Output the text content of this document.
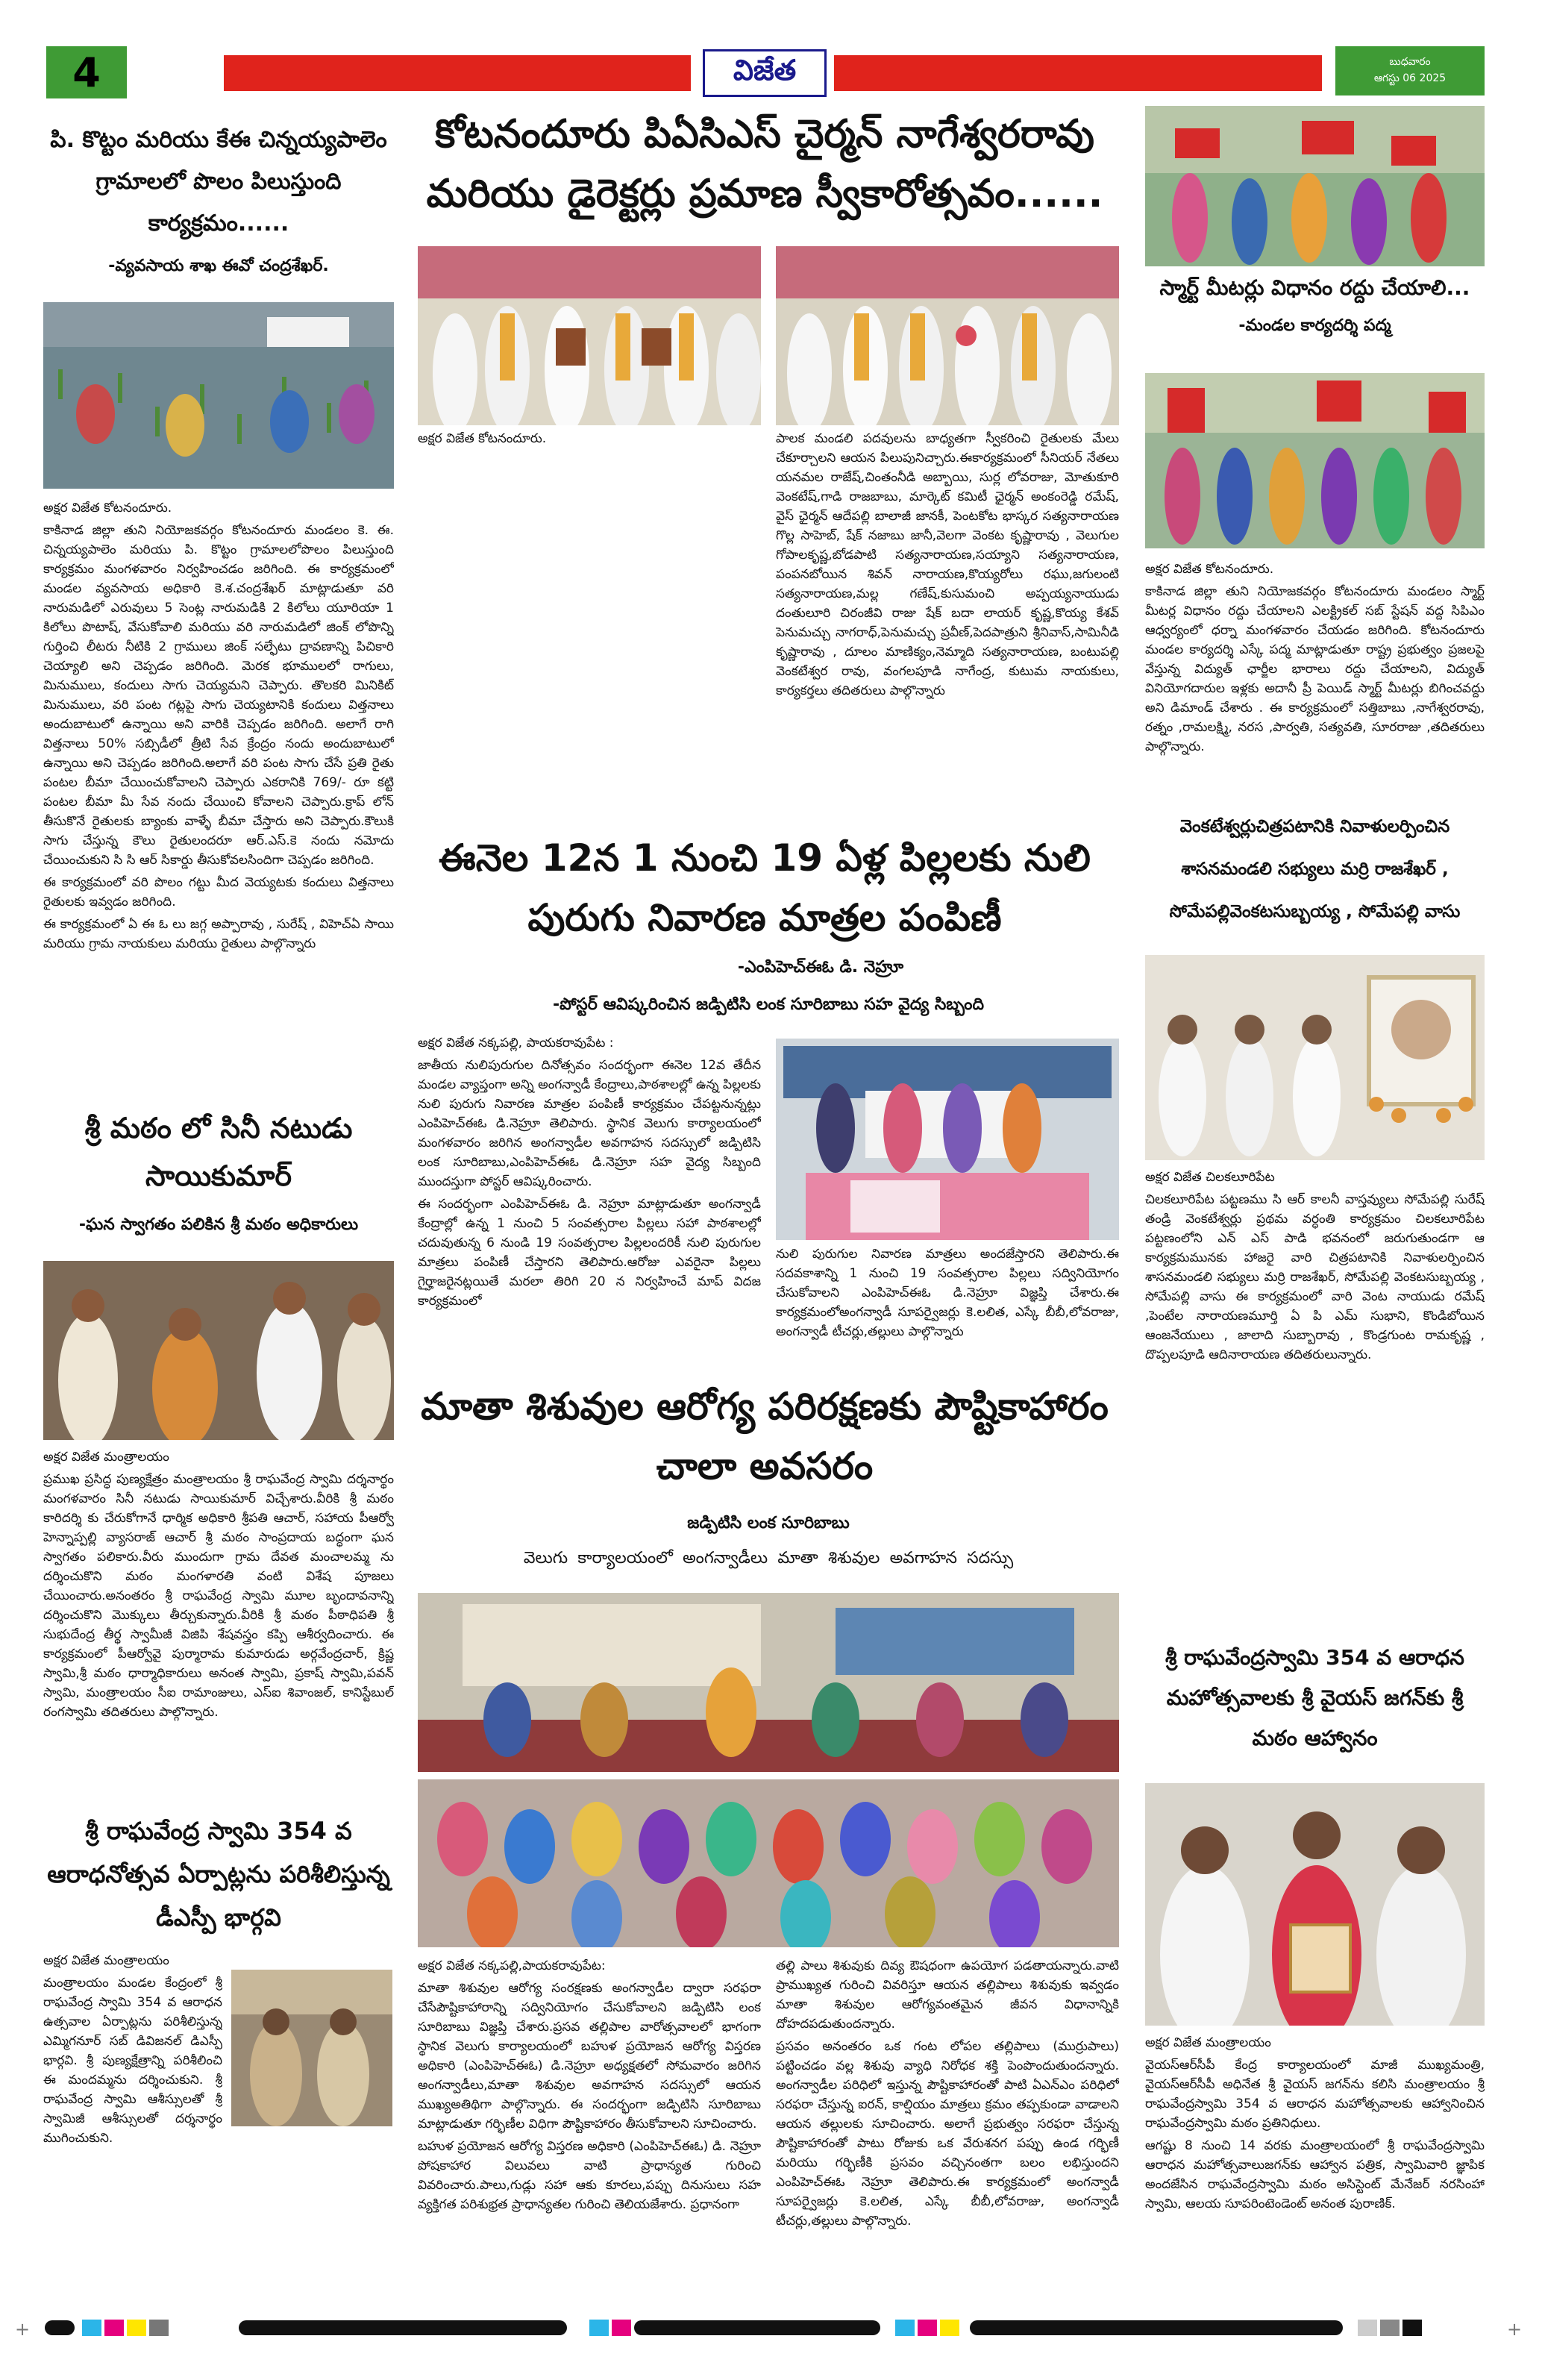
4	విజేత	బుధవారం
ఆగస్టు 06 2025
పి. కొట్టం మరియు కేఈ చిన్నయ్యపాలెం గ్రామాలలో పొలం పిలుస్తుంది కార్యక్రమం......
-వ్యవసాయ శాఖ ఈవో చంద్రశేఖర్.

అక్షర విజేత కోటనందూరు.

కాకినాడ జిల్లా తుని నియోజకవర్గం కోటనందూరు మండలం కె. ఈ. చిన్నయ్యపాలెం మరియు పి. కొట్టం గ్రామాలలోపొలం పిలుస్తుంది కార్యక్రమం మంగళవారం నిర్వహించడం జరిగింది. ఈ కార్యక్రమంలో మండల వ్యవసాయ అధికారి కె.శ.చంద్రశేఖర్ మాట్లాడుతూ వరి నారుమడిలో ఎరువులు 5 సెంట్ల నారుమడికి 2 కిలోలు యూరియా 1 కిలోలు పొటాష్, వేసుకోవాలి మరియు వరి నారుమడిలో జింక్ లోపొన్ని గుర్తించి లీటరు నీటికి 2 గ్రాములు జింక్ సల్ఫేటు ద్రావణాన్ని పిచికారి చెయ్యాలి అని చెప్పడం జరిగింది. మెరక భూములలో రాగులు, మినుములు, కందులు సాగు చెయ్యమని చెప్పారు. తొలకరి మినికిట్ మినుములు, వరి పంట గట్లపై సాగు చెయ్యటానికి కందులు విత్తనాలు అందుబాటులో ఉన్నాయి అని వారికి చెప్పడం జరిగింది. అలాగే రాగి విత్తనాలు 50% సబ్సిడీలో త్రీటి సేవ క్రేంద్రం నందు అందుబాటులో ఉన్నాయి అని చెప్పడం జరిగింది.అలాగే వరి పంట సాగు చేసే ప్రతి రైతు పంటల బీమా చేయించుకోవాలని చెప్పారు ఎకరానికి 769/- రూ కట్టి పంటల బీమా మీ సేవ నందు చేయించి కోవాలని చెప్పారు.క్రాప్ లోన్ తీసుకొనే రైతులకు బ్యాంకు వాళ్ళే బీమా చేస్తారు అని చెప్పారు.కౌలుకి సాగు చేస్తున్న కౌలు రైతులందరూ ఆర్.ఎస్.కె నందు నమోదు చేయించుకుని సి సి ఆర్ సికార్డు తీసుకోవలసిందిగా చెప్పడం జరిగింది.

ఈ కార్యక్రమంలో వరి పొలం గట్టు మీద వెయ్యటకు కందులు విత్తనాలు రైతులకు ఇవ్వడం జరిగింది.

ఈ కార్యక్రమంలో ఏ ఈ ఓ లు జగ్గ అప్పారావు , సురేష్ , విహెచ్ఏ సాయి మరియు గ్రామ నాయకులు మరియు రైతులు పాల్గొన్నారు

శ్రీ మఠం లో సినీ నటుడు సాయికుమార్
-ఘన స్వాగతం పలికిన శ్రీ మఠం అధికారులు

అక్షర విజేత మంత్రాలయం

ప్రముఖ ప్రసిద్ధ పుణ్యక్షేత్రం మంత్రాలయం శ్రీ రాఘవేంద్ర స్వామి దర్శనార్థం మంగళవారం సినీ నటుడు సాయికుమార్ విచ్చేశారు.వీరికి శ్రీ మఠం కారిదర్శి కు చేరుకోగానే ధార్మిక అధికారి శ్రీపతి ఆచార్, సహాయ పీఆర్వో హెన్నాప్పల్లి వ్యాసరాజ్ ఆచార్ శ్రీ మఠం సాంప్రదాయ బద్ధంగా ఘన స్వాగతం పలికారు.వీరు ముందుగా గ్రామ దేవత మంచాలమ్మ ను దర్శించుకొని మఠం మంగళారతి వంటి విశేష పూజలు చేయించారు.అనంతరం శ్రీ రాఘవేంద్ర స్వామి మూల బృందావనాన్ని దర్శించుకొని మొక్కులు తీర్చుకున్నారు.వీరికి శ్రీ మఠం పీఠాధిపతి శ్రీ సుభుదేంద్ర తీర్థ స్వామీజీ విజిపి శేషవస్త్రం కప్పి ఆశీర్వదించారు. ఈ కార్యక్రమంలో పీఆర్వోవై పుర్మారామ కుమారుడు అర్గవేంద్రచార్, క్రిష్ణ స్వామి,శ్రీ మఠం ధార్మాధికారులు అనంత స్వామి, ప్రకాష్ స్వామి,పవన్ స్వామి, మంత్రాలయం సీఐ రామాంజులు, ఎస్ఐ శివాంజల్, కానిస్టేబుల్ రంగస్వామి తదితరులు పాల్గొన్నారు.

శ్రీ రాఘవేంద్ర స్వామి 354 వ ఆరాధనోత్సవ ఏర్పాట్లను పరిశీలిస్తున్న డీఎస్పీ భార్గవి

అక్షర విజేత మంత్రాలయం

మంత్రాలయం మండల కేంద్రంలో శ్రీ రాఘవేంద్ర స్వామి 354 వ ఆరాధన ఉత్సవాల ఏర్పాట్లను పరిశీలిస్తున్న ఎమ్మిగనూర్ సబ్ డివిజనల్ డిఎస్పీ భార్గవి. శ్రీ పుణ్యక్షేత్రాన్ని పరిశీలించి ఈ మందమ్మను దర్శించుకుని. శ్రీ రాఘవేంద్ర స్వామి ఆశీస్సులతో శ్రీ స్వామిజీ ఆశీస్సులతో దర్శనార్థం ముగించుకుని.

కోటనందూరు పిఏసిఎస్ చైర్మన్ నాగేశ్వరరావు మరియు డైరెక్టర్లు ప్రమాణ స్వీకారోత్సవం......

అక్షర విజేత కోటనందూరు.	పాలక మండలి పదవులను బాధ్యతగా స్వీకరించి రైతులకు మేలు చేకూర్చాలని ఆయన పిలుపునిచ్చారు.ఈకార్యక్రమంలో సీనియర్ నేతలు యనమల రాజేష్,చింతంనీడి అబ్బాయి, సుర్ల లోవరాజు, మోతుకూరి వెంకటేష్,గాడి రాజబాబు, మార్కెట్ కమిటీ ఛైర్మన్ అంకంరెడ్డి రమేష్, వైస్ ఛైర్మన్ ఆదేపల్లి బాలాజీ జానకీ, పెంటకోట భాస్కర సత్యనారాయణ గొల్ల సాహెబ్, షేక్ నజాబు జానీ,వెలగా వెంకట కృష్ణారావు , వెలుగుల గోపాలకృష్ణ,బోడపాటి సత్యనారాయణ,సయ్యాని సత్యనారాయణ, పంపనబోయిన శివన్ నారాయణ,కొయ్యరోలు రఘు,జగులంటి సత్యనారాయణ,మల్ల గణేష్,కుసుమంచి అప్పయ్యనాయుడు దంతులూరి చిరంజీవి రాజు షేక్ బదా లాయర్ కృష్ణ,కొయ్య కేశవ్ పెనుమచ్చు నాగరాధ్,పెనుమచ్చు ప్రవీణ్,పెదపాత్రుని శ్రీనివాస్,సామినీడి కృష్ణారావు , దూలం మాణిక్యం,నెమ్మాది సత్యనారాయణ, బంటుపల్లి వెంకటేశ్వర రావు, వంగలపూడి నాగేంద్ర, కుటుమ నాయకులు, కార్యకర్తలు తదితరులు పాల్గొన్నారు

ఈనెల 12న 1 నుంచి 19 ఏళ్ల పిల్లలకు నులి పురుగు నివారణ మాత్రల పంపిణీ
-ఎంపిహెచ్ఈఓ డి. నెహ్రూ
-పోస్టర్ ఆవిష్కరించిన జడ్పిటిసి లంక సూరిబాబు సహ వైద్య సిబ్బంది

అక్షర విజేత నక్కపల్లి, పాయకరావుపేట :

జాతీయ నులిపురుగుల దినోత్సవం సందర్భంగా ఈనెల 12వ తేదీన మండల వ్యాప్తంగా అన్ని అంగన్వాడీ కేంద్రాలు,పాఠశాలల్లో ఉన్న పిల్లలకు నులి పురుగు నివారణ మాత్రల పంపిణీ కార్యక్రమం చేపట్టనున్నట్లు ఎంపిహెచ్ఈఓ డి.నెహ్రూ తెలిపారు. స్థానిక వెలుగు కార్యాలయంలో మంగళవారం జరిగిన అంగన్వాడీల అవగాహన సదస్సులో జడ్పిటిసి లంక సూరిబాబు,ఎంపిహెచ్ఈఓ డి.నెహ్రూ సహ వైద్య సిబ్బంది ముందస్తుగా పోస్టర్ ఆవిష్కరించారు.

ఈ సందర్భంగా ఎంపిహెచ్ఈఓ డి. నెహ్రూ మాట్లాడుతూ అంగన్వాడీ కేంద్రాల్లో ఉన్న 1 నుంచి 5 సంవత్సరాల పిల్లలు సహా పాఠశాలల్లో చదువుతున్న 6 నుండి 19 సంవత్సరాల పిల్లలందరికీ నులి పురుగుల మాత్రలు పంపిణీ చేస్తారని తెలిపారు.ఆరోజు ఎవరైనా పిల్లలు గైర్హాజరైనట్లయితే మరలా తిరిగి 20 న నిర్వహించే మాప్ విదజ కార్యక్రమంలో

నులి పురుగుల నివారణ మాత్రలు అందజేస్తారని తెలిపారు.ఈ సదవకాశాన్ని 1 నుంచి 19 సంవత్సరాల పిల్లలు సద్వినియోగం చేసుకోవాలని ఎంపిహెచ్ఈఓ డి.నెహ్రూ విజ్ఞప్తి చేశారు.ఈ కార్యక్రమంలోఅంగన్వాడీ సూపర్వైజర్లు కె.లలిత, ఎస్కే బీబీ,లోవరాజు, అంగన్వాడీ టీచర్లు,తల్లులు పాల్గొన్నారు

మాతా శిశువుల ఆరోగ్య పరిరక్షణకు పౌష్టికాహారం చాలా అవసరం
జడ్పిటిసి లంక సూరిబాబు
వెలుగు కార్యాలయంలో అంగన్వాడీలు మాతా శిశువుల అవగాహన సదస్సు

అక్షర విజేత నక్కపల్లి,పాయకరావుపేట:

మాతా శిశువుల ఆరోగ్య సంరక్షణకు అంగన్వాడీల ద్వారా సరఫరా చేసేపౌష్టికాహారాన్ని సద్వినియోగం చేసుకోవాలని జడ్పిటిసి లంక సూరిబాబు విజ్ఞప్తి చేశారు.ప్రసవ తల్లిపాల వారోత్సవాలలో భాగంగా స్థానిక వెలుగు కార్యాలయంలో బహుళ ప్రయోజన ఆరోగ్య విస్తరణ అధికారి (ఎంపిహెచ్ఈఓ) డి.నెహ్రూ అధ్యక్షతలో సోమవారం జరిగిన అంగన్వాడీలు,మాతా శిశువుల అవగాహన సదస్సులో ఆయన ముఖ్యఅతిథిగా పాల్గొన్నారు. ఈ సందర్భంగా జడ్పిటిసి సూరిబాబు మాట్లాడుతూ గర్భిణీల విధిగా పౌష్టికాహారం తీసుకోవాలని సూచించారు.

బహుళ ప్రయోజన ఆరోగ్య విస్తరణ అధికారి (ఎంపిహెచ్ఈఓ) డి. నెహ్రూ పోషకాహార విలువలు వాటి ప్రాధాన్యత గురించి వివరించారు.పాలు,గుడ్లు సహా ఆకు కూరలు,పప్పు దినుసులు సహ వ్యక్తిగత పరిశుభ్రత ప్రాధాన్యతల గురించి తెలియజేశారు. ప్రధానంగా

తల్లి పాలు శిశువుకు దివ్య ఔషధంగా ఉపయోగ పడతాయన్నారు.వాటి ప్రాముఖ్యత గురించి వివరిస్తూ ఆయన తల్లిపాలు శిశువుకు ఇవ్వడం మాతా శిశువుల ఆరోగ్యవంతమైన జీవన విధానాన్నికి దోహదపడుతుందన్నారు.

ప్రసవం అనంతరం ఒక గంట లోపల తల్లిపాలు (ముర్రుపాలు) పట్టించడం వల్ల శిశువు వ్యాధి నిరోధక శక్తి పెంపొందుతుందన్నారు. అంగన్వాడీల పరిధిలో ఇస్తున్న పౌష్టికాహారంతో పాటి ఏఎన్ఎం పరిధిలో సరఫరా చేస్తున్న ఐరన్, కాల్షియం మాత్రలు క్రమం తప్పకుండా వాడాలని ఆయన తల్లులకు సూచించారు. అలాగే ప్రభుత్వం సరఫరా చేస్తున్న పౌష్టికాహారంతో పాటు రోజుకు ఒక వేరుశనగ పప్పు ఉండ గర్భిణీ మరియు గర్భిణీకి ప్రసవం వచ్చినంతగా బలం లభిస్తుందని ఎంపిహెచ్ఈఓ నెహ్రూ తెలిపారు.ఈ కార్యక్రమంలో అంగన్వాడీ సూపర్వైజర్లు కె.లలిత, ఎస్కే బీబీ,లోవరాజు, అంగన్వాడీ టీచర్లు,తల్లులు పాల్గొన్నారు.

స్మార్ట్ మీటర్లు విధానం రద్దు చేయాలి...
-మండల కార్యదర్శి పద్మ

అక్షర విజేత కోటనందూరు.

కాకినాడ జిల్లా తుని నియోజకవర్గం కోటనందూరు మండలం స్మార్ట్ మీటర్ల విధానం రద్దు చేయాలని ఎలక్ట్రికల్ సబ్ స్టేషన్ వద్ద సిపిఎం ఆధ్వర్యంలో ధర్నా మంగళవారం చేయడం జరిగింది. కోటనందూరు మండల కార్యదర్శి ఎస్కే పద్మ మాట్లాడుతూ రాష్ట్ర ప్రభుత్వం ప్రజలపై వేస్తున్న విద్యుత్ ఛార్జీల భారాలు రద్దు చేయాలని, విద్యుత్ వినియోగదారుల ఇళ్లకు అదానీ ప్రీ పెయిడ్ స్మార్ట్ మీటర్లు బిగించవద్దు అని డిమాండ్ చేశారు . ఈ కార్యక్రమంలో సత్తిబాబు ,నాగేశ్వరరావు, రత్నం ,రామలక్ష్మి, నరస ,పార్వతి, సత్యవతి, సూరరాజు ,తదితరులు పాల్గొన్నారు.

వెంకటేశ్వర్లుచిత్రపటానికి నివాళులర్పించిన శాసనమండలి సభ్యులు మర్రి రాజశేఖర్ , సోమేపల్లివెంకటసుబ్బయ్య , సోమేపల్లి వాసు

అక్షర విజేత చిలకలూరిపేట

చిలకలూరిపేట పట్టణము సి ఆర్ కాలనీ వాస్తవ్యులు సోమేపల్లి సురేష్ తండ్రి వెంకటేశ్వర్లు ప్రథమ వర్ధంతి కార్యక్రమం చిలకలూరిపేట పట్టణంలోని ఎన్ ఎస్ పాడి భవనంలో జరుగుతుండగా ఆ కార్యక్రమమునకు హాజరై వారి చిత్రపటానికి నివాళులర్పించిన శాసనమండలి సభ్యులు మర్రి రాజశేఖర్, సోమేపల్లి వెంకటసుబ్బయ్య , సోమేపల్లి వాసు ఈ కార్యక్రమంలో వారి వెంట నాయుడు రమేష్ ,పెంటేల నారాయణమూర్తి ఏ పి ఎమ్ సుభాని, కొండిబోయిన ఆంజనేయులు , జాలాది సుబ్బారావు , కొండ్రగుంట రామకృష్ణ , దొప్పలపూడి ఆదినారాయణ తదితరులున్నారు.

శ్రీ రాఘవేంద్రస్వామి 354 వ ఆరాధన మహోత్సవాలకు శ్రీ వైయస్ జగన్‌కు శ్రీ మఠం ఆహ్వానం

అక్షర విజేత మంత్రాలయం

వైయస్ఆర్‌సీపీ కేంద్ర కార్యాలయంలో మాజీ ముఖ్యమంత్రి, వైయస్ఆర్‌సీపీ అధినేత శ్రీ వైయస్ జగన్‌ను కలిసి మంత్రాలయం శ్రీ రాఘవేంద్రస్వామి 354 వ ఆరాధన మహోత్సవాలకు ఆహ్వానించిన రాఘవేంద్రస్వామి మఠం ప్రతినిధులు.

ఆగష్టు 8 నుంచి 14 వరకు మంత్రాలయంలో శ్రీ రాఘవేంద్రస్వామి ఆరాధన మహోత్సవాలుజగన్‌కు ఆహ్వాన పత్రిక, స్వామివారి జ్ఞాపిక అందజేసిన రాఘవేంద్రస్వామి మఠం అసిస్టెంట్ మేనేజర్ నరసింహా స్వామి, ఆలయ సూపరింటెండెంట్ అనంత పురాణిక్.

+	+
